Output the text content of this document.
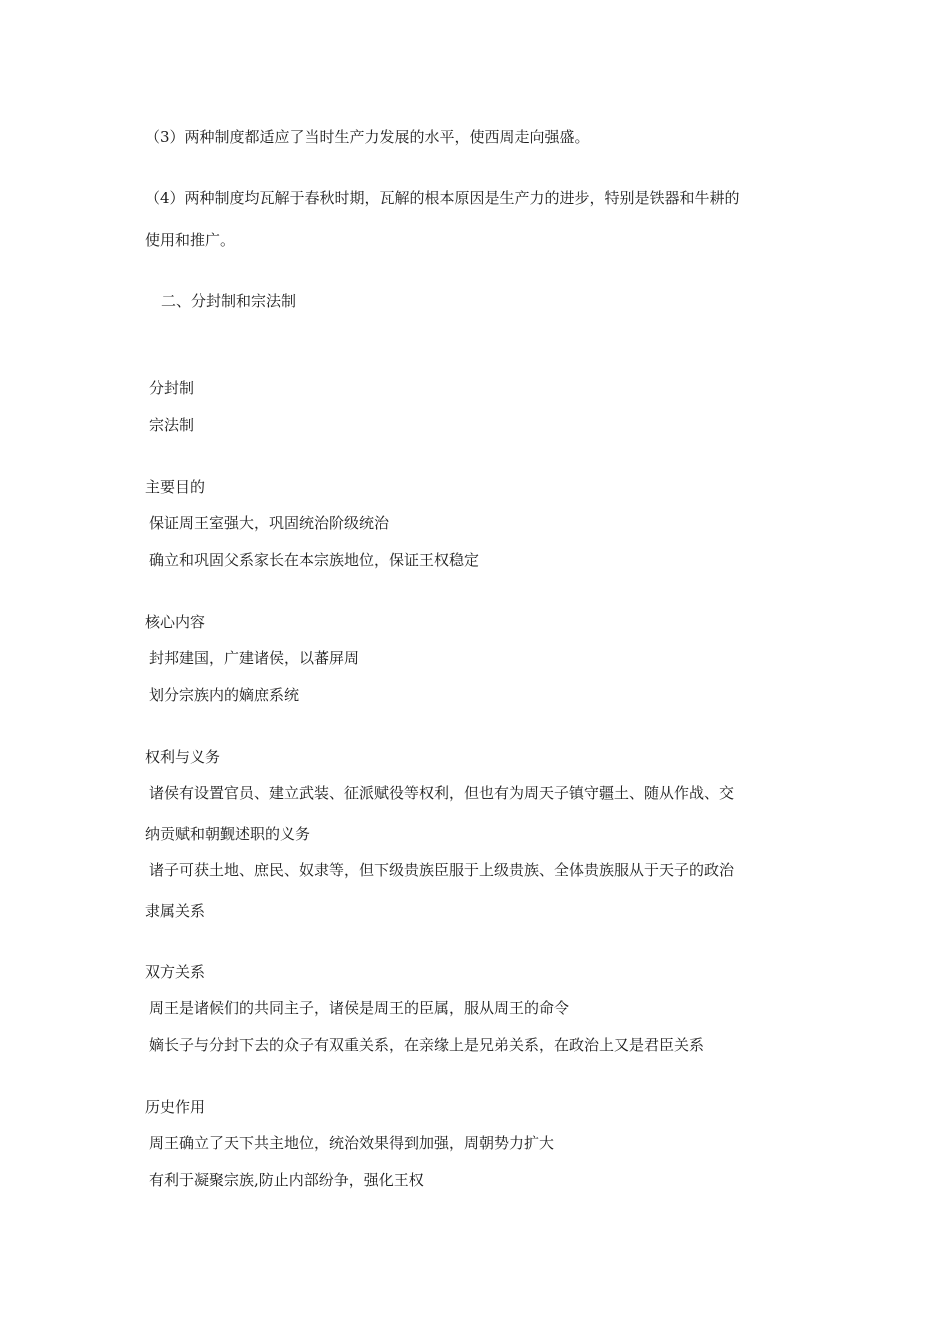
（3）两种制度都适应了当时生产力发展的水平，使西周走向强盛。
（4）两种制度均瓦解于春秋时期，瓦解的根本原因是生产力的进步，特别是铁器和牛耕的
使用和推广。
二、分封制和宗法制
分封制
宗法制
主要目的
保证周王室强大，巩固统治阶级统治
确立和巩固父系家长在本宗族地位，保证王权稳定
核心内容
封邦建国，广建诸侯，以蕃屏周
划分宗族内的嫡庶系统
权利与义务
诸侯有设置官员、建立武装、征派赋役等权利，但也有为周天子镇守疆土、随从作战、交
纳贡赋和朝觐述职的义务
诸子可获土地、庶民、奴隶等，但下级贵族臣服于上级贵族、全体贵族服从于天子的政治
隶属关系
双方关系
周王是诸候们的共同主子，诸侯是周王的臣属，服从周王的命令
嫡长子与分封下去的众子有双重关系，在亲缘上是兄弟关系，在政治上又是君臣关系
历史作用
周王确立了天下共主地位，统治效果得到加强，周朝势力扩大
有利于凝聚宗族,防止内部纷争，强化王权
